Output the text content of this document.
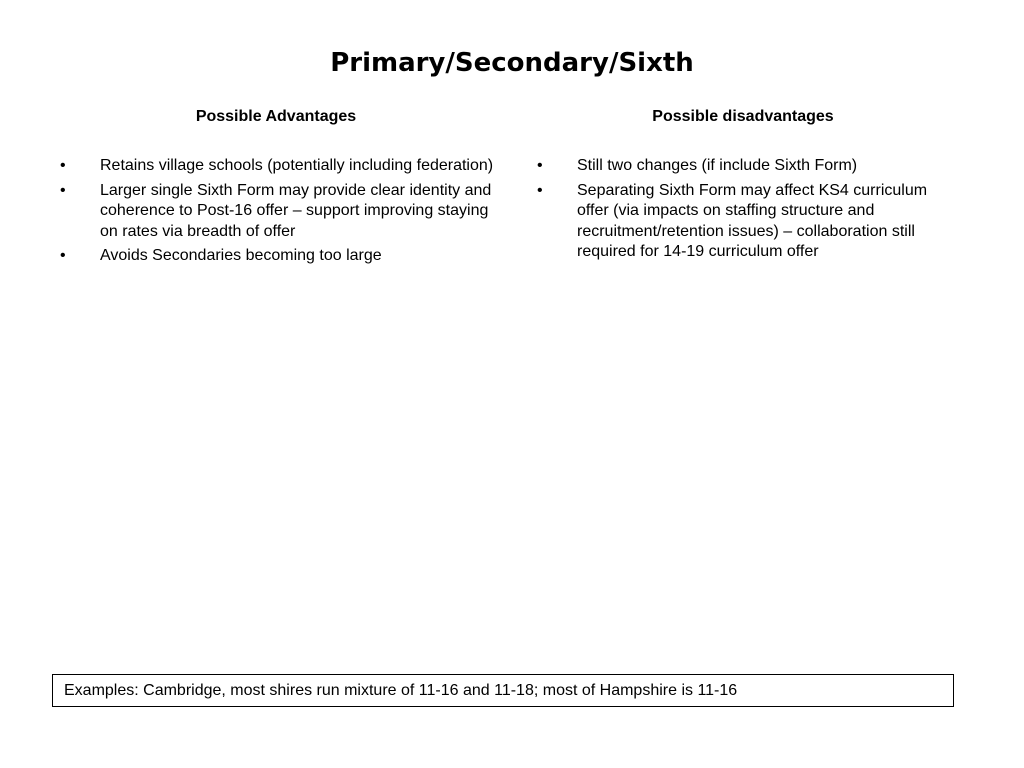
Primary/Secondary/Sixth
Possible Advantages
• Retains village schools (potentially including federation)
• Larger single Sixth Form may provide clear identity and coherence to Post-16 offer – support improving staying on rates via breadth of offer
• Avoids Secondaries becoming too large
Possible disadvantages
• Still two changes (if include Sixth Form)
• Separating Sixth Form may affect KS4 curriculum offer (via impacts on staffing structure and recruitment/retention issues) – collaboration still required for 14-19 curriculum offer
Examples: Cambridge, most shires run mixture of 11-16 and 11-18; most of Hampshire is 11-16
